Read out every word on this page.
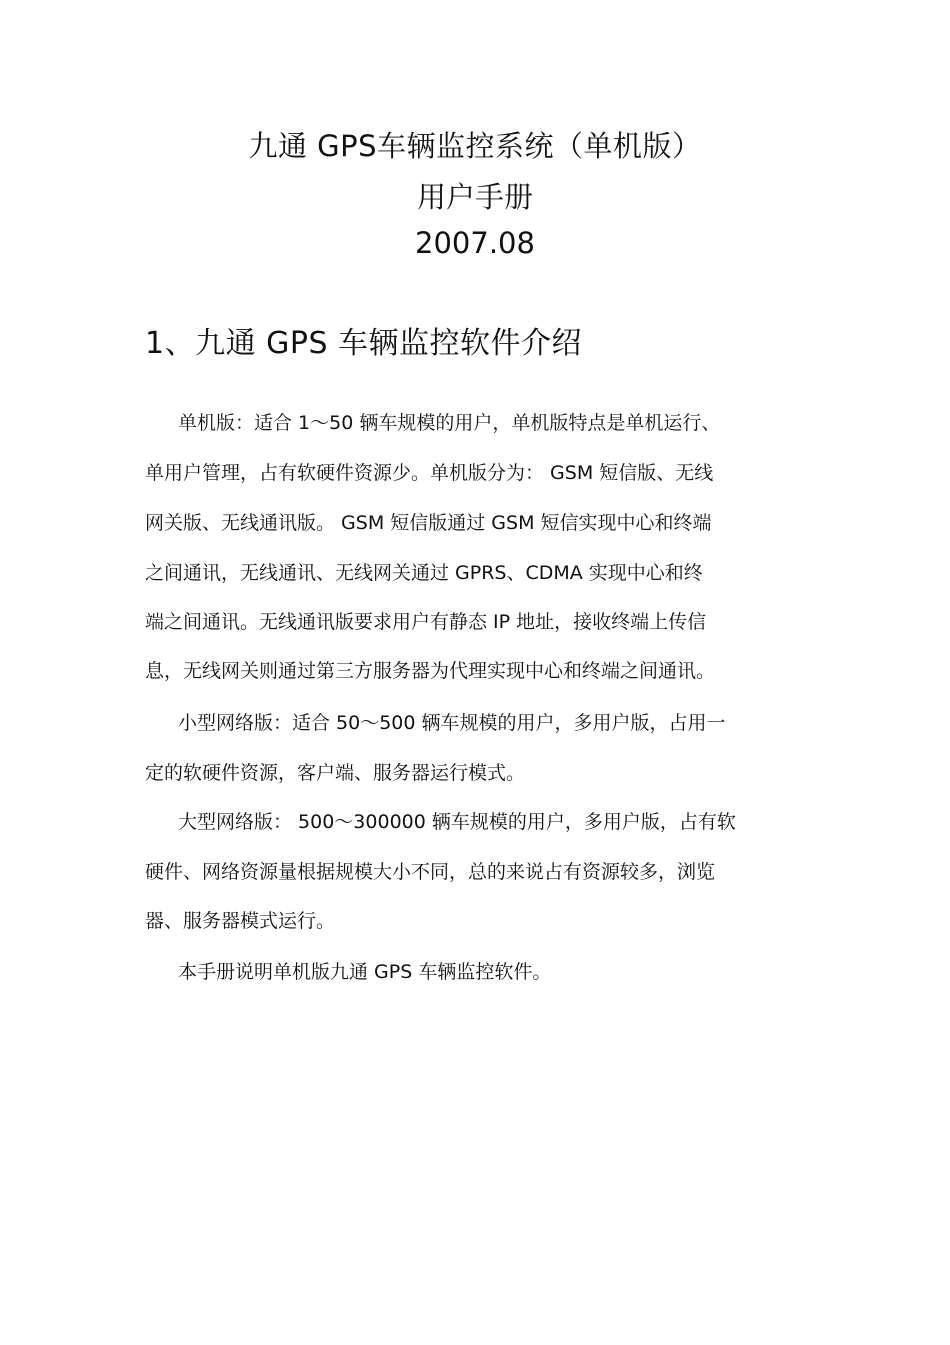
九通 GPS车辆监控系统（单机版）
用户手册
2007.08
1、九通 GPS 车辆监控软件介绍
单机版：适合 1～50 辆车规模的用户，单机版特点是单机运行、
单用户管理，占有软硬件资源少。单机版分为： GSM 短信版、无线
网关版、无线通讯版。 GSM 短信版通过 GSM 短信实现中心和终端
之间通讯，无线通讯、无线网关通过 GPRS、CDMA 实现中心和终
端之间通讯。无线通讯版要求用户有静态 IP 地址，接收终端上传信
息，无线网关则通过第三方服务器为代理实现中心和终端之间通讯。
小型网络版：适合 50～500 辆车规模的用户，多用户版，占用一
定的软硬件资源，客户端、服务器运行模式。
大型网络版： 500～300000 辆车规模的用户，多用户版，占有软
硬件、网络资源量根据规模大小不同，总的来说占有资源较多，浏览
器、服务器模式运行。
本手册说明单机版九通 GPS 车辆监控软件。
